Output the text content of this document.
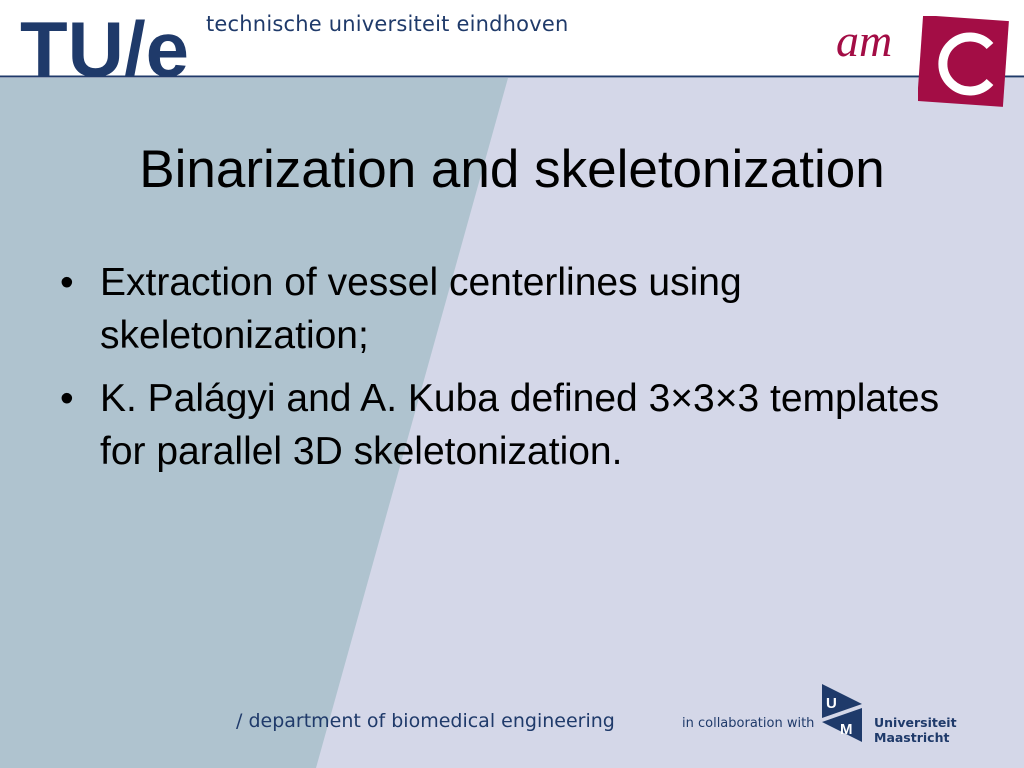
TU/e technische universiteit eindhoven	am
Binarization and skeletonization
• Extraction of vessel centerlines using skeletonization;
• K. Palágyi and A. Kuba defined 3×3×3 templates for parallel 3D skeletonization.
/ department of biomedical engineering	in collaboration with
U
M Universiteit Maastricht
